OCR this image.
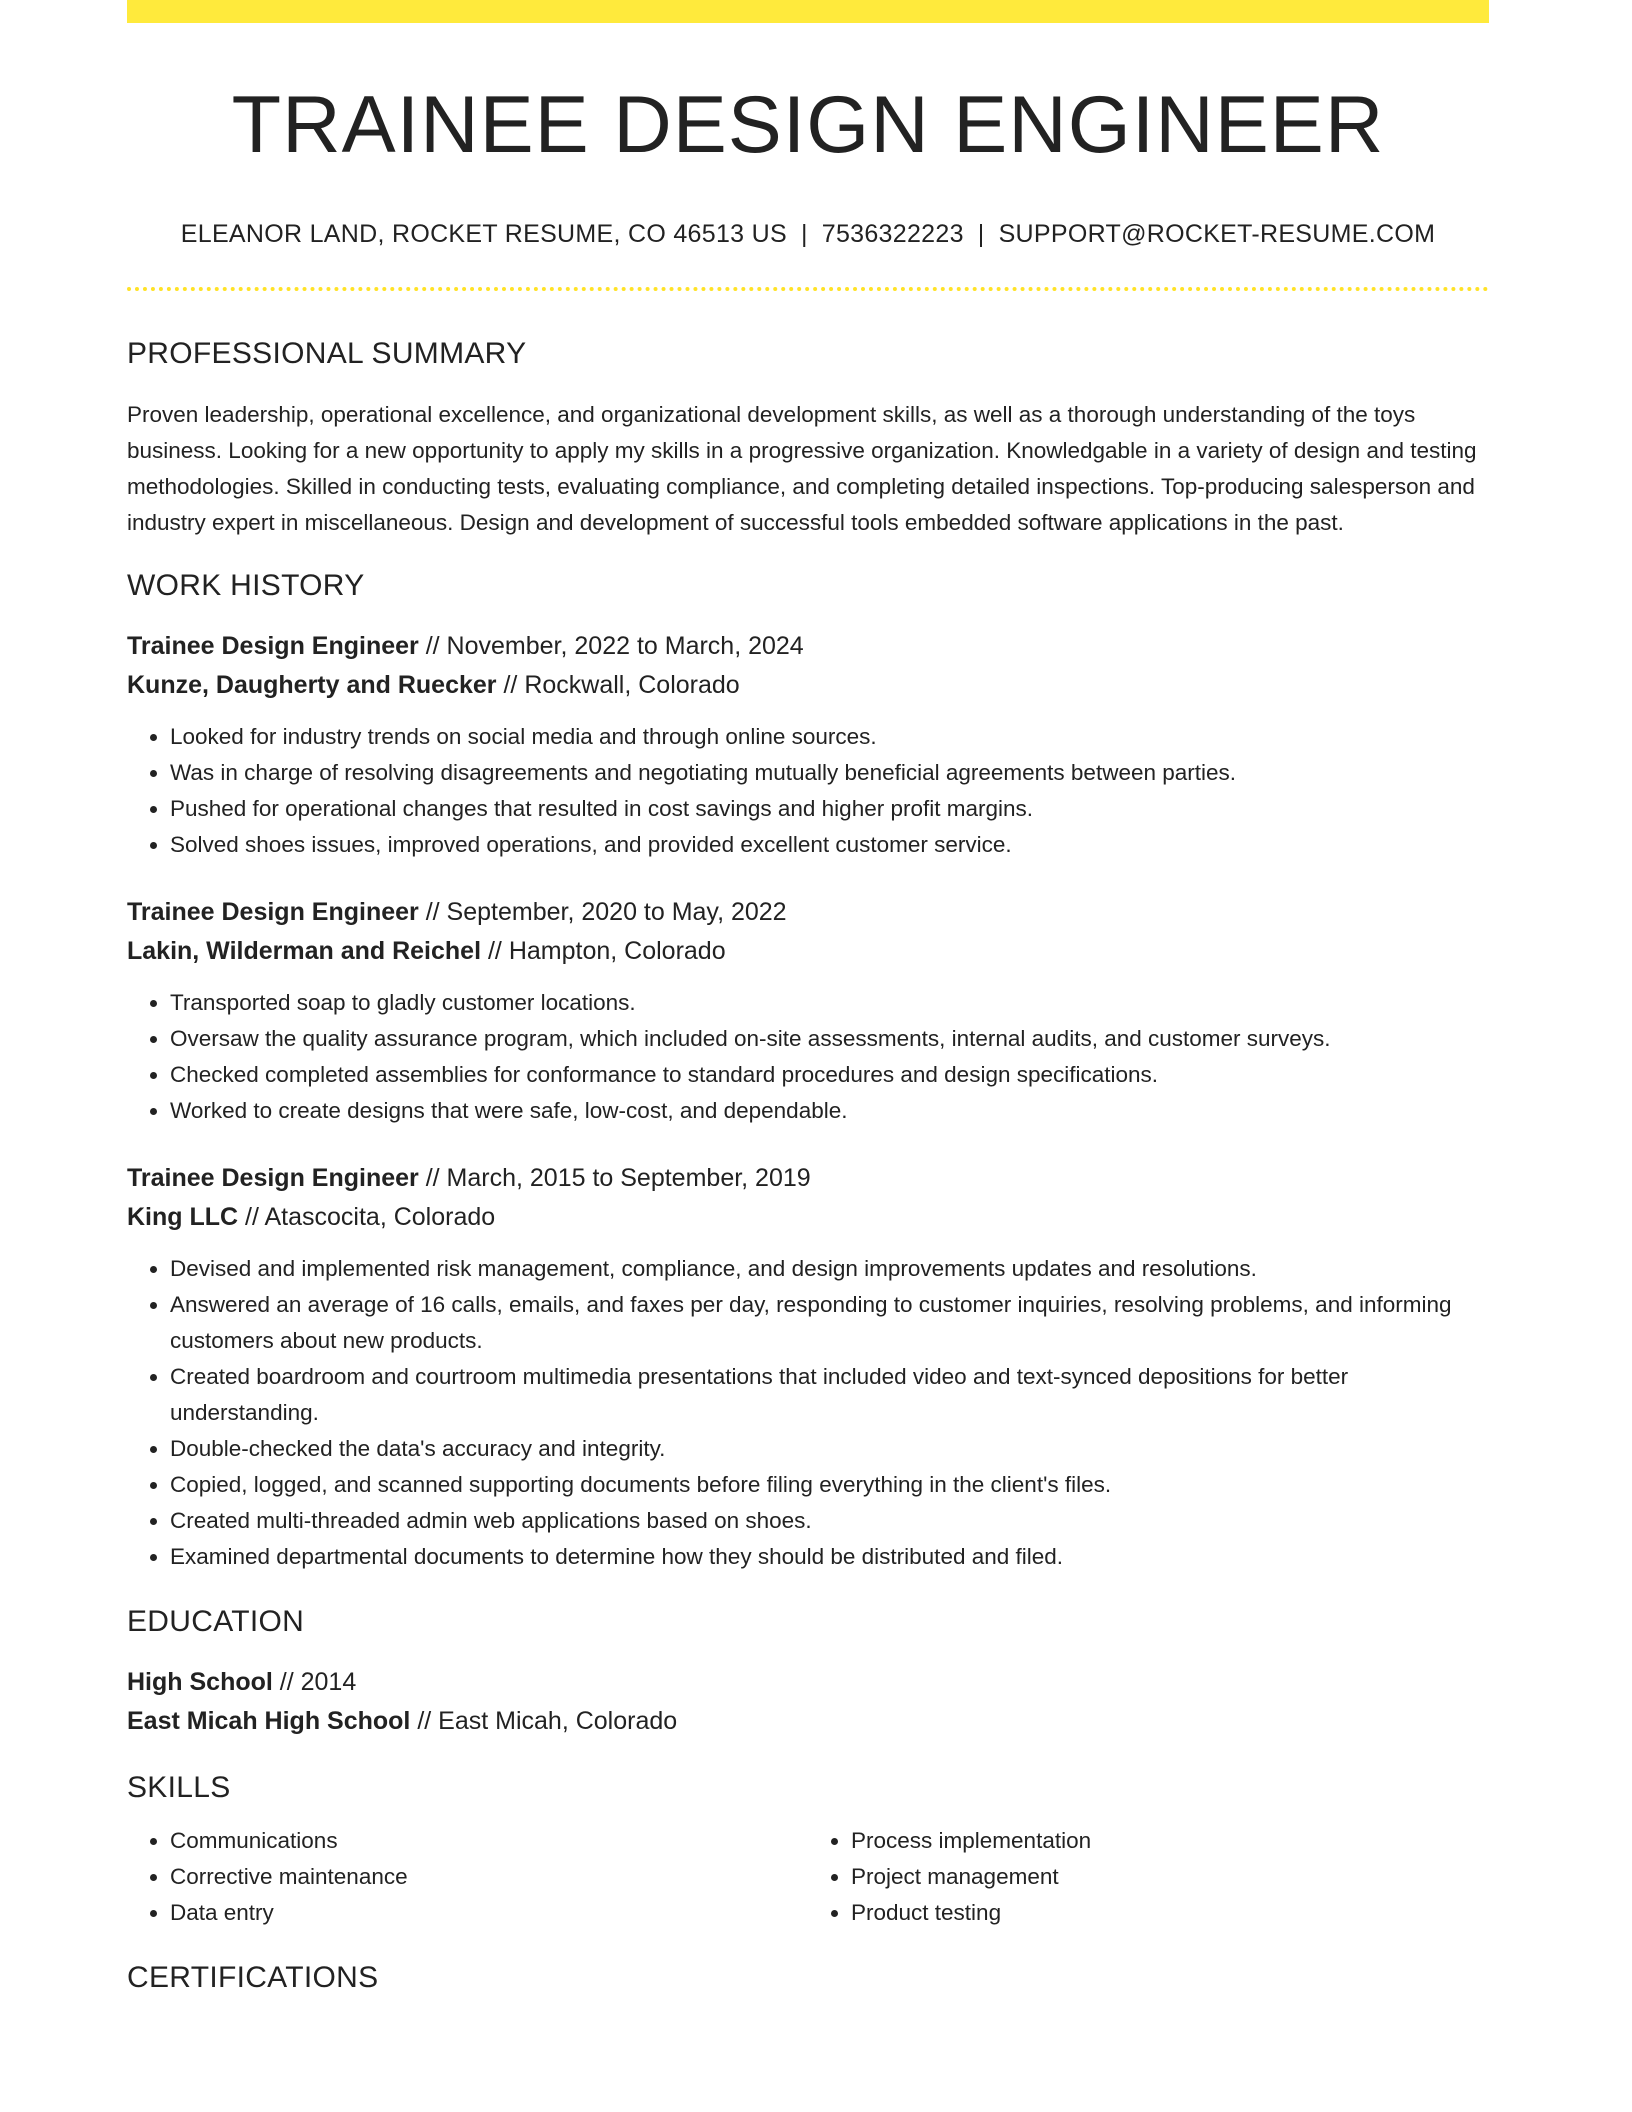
TRAINEE DESIGN ENGINEER
ELEANOR LAND, ROCKET RESUME, CO 46513 US | 7536322223 | SUPPORT@ROCKET-RESUME.COM
PROFESSIONAL SUMMARY
Proven leadership, operational excellence, and organizational development skills, as well as a thorough understanding of the toys business. Looking for a new opportunity to apply my skills in a progressive organization. Knowledgable in a variety of design and testing methodologies. Skilled in conducting tests, evaluating compliance, and completing detailed inspections. Top-producing salesperson and industry expert in miscellaneous. Design and development of successful tools embedded software applications in the past.
WORK HISTORY
Trainee Design Engineer // November, 2022 to March, 2024
Kunze, Daugherty and Ruecker // Rockwall, Colorado
• Looked for industry trends on social media and through online sources.
• Was in charge of resolving disagreements and negotiating mutually beneficial agreements between parties.
• Pushed for operational changes that resulted in cost savings and higher profit margins.
• Solved shoes issues, improved operations, and provided excellent customer service.
Trainee Design Engineer // September, 2020 to May, 2022
Lakin, Wilderman and Reichel // Hampton, Colorado
• Transported soap to gladly customer locations.
• Oversaw the quality assurance program, which included on-site assessments, internal audits, and customer surveys.
• Checked completed assemblies for conformance to standard procedures and design specifications.
• Worked to create designs that were safe, low-cost, and dependable.
Trainee Design Engineer // March, 2015 to September, 2019
King LLC // Atascocita, Colorado
• Devised and implemented risk management, compliance, and design improvements updates and resolutions.
• Answered an average of 16 calls, emails, and faxes per day, responding to customer inquiries, resolving problems, and informing customers about new products.
• Created boardroom and courtroom multimedia presentations that included video and text-synced depositions for better understanding.
• Double-checked the data's accuracy and integrity.
• Copied, logged, and scanned supporting documents before filing everything in the client's files.
• Created multi-threaded admin web applications based on shoes.
• Examined departmental documents to determine how they should be distributed and filed.
EDUCATION
High School // 2014
East Micah High School // East Micah, Colorado
SKILLS
• Communications
• Corrective maintenance
• Data entry
• Process implementation
• Project management
• Product testing
CERTIFICATIONS
